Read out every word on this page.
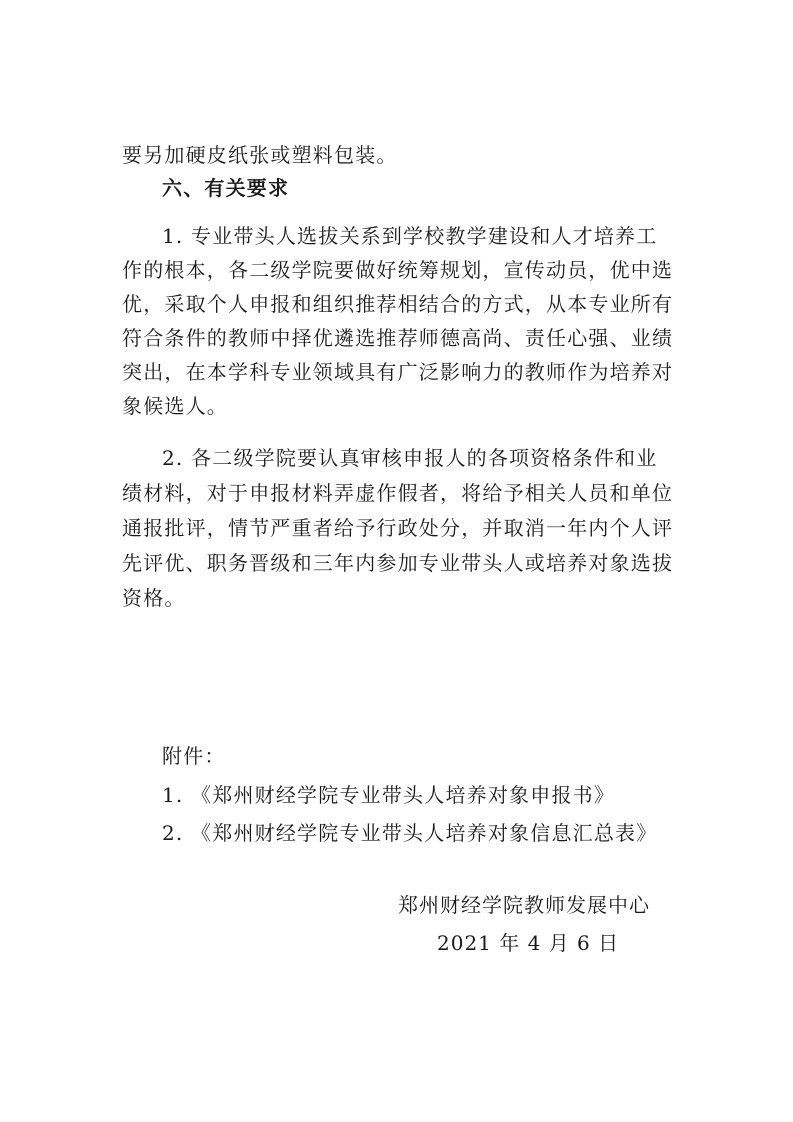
要另加硬皮纸张或塑料包装。
六、有关要求
1. 专业带头人选拔关系到学校教学建设和人才培养工
作的根本，各二级学院要做好统筹规划，宣传动员，优中选
优，采取个人申报和组织推荐相结合的方式，从本专业所有
符合条件的教师中择优遴选推荐师德高尚、责任心强、业绩
突出，在本学科专业领域具有广泛影响力的教师作为培养对
象候选人。
2. 各二级学院要认真审核申报人的各项资格条件和业
绩材料，对于申报材料弄虚作假者，将给予相关人员和单位
通报批评，情节严重者给予行政处分，并取消一年内个人评
先评优、职务晋级和三年内参加专业带头人或培养对象选拔
资格。
附件：
1. 《郑州财经学院专业带头人培养对象申报书》
2. 《郑州财经学院专业带头人培养对象信息汇总表》
郑州财经学院教师发展中心
2021 年 4 月 6 日
